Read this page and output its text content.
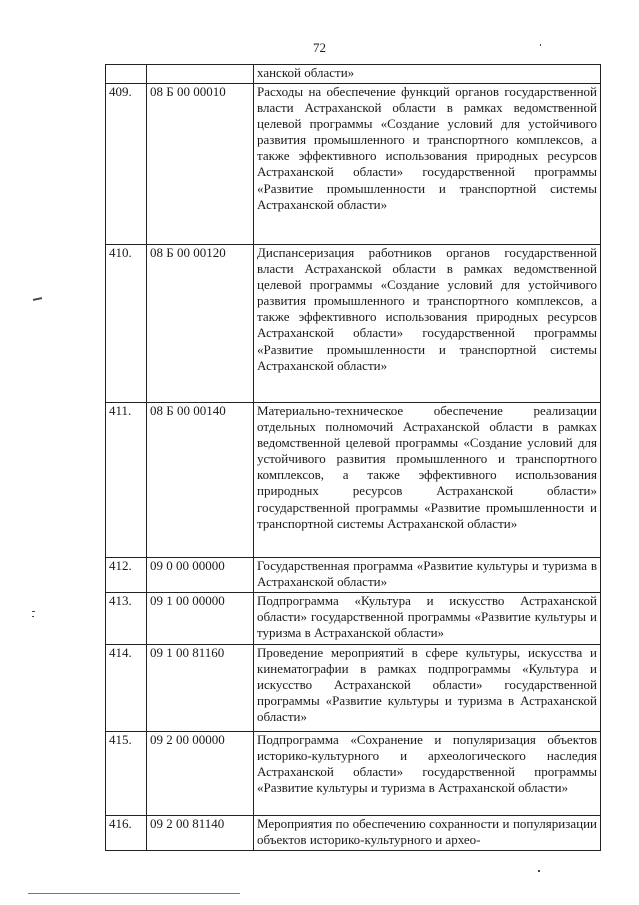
72
		ханской области»
409.	08 Б 00 00010	Расходы на обеспечение функций органов государственной власти Астраханской области в рамках ведомственной целевой программы «Создание условий для устойчивого развития промышленного и транспортного комплексов, а также эффективного использования природных ресурсов Астраханской области» государственной программы «Развитие промышленности и транспортной системы Астраханской области»
410.	08 Б 00 00120	Диспансеризация работников органов государственной власти Астраханской области в рамках ведомственной целевой программы «Создание условий для устойчивого развития промышленного и транспортного комплексов, а также эффективного использования природных ресурсов Астраханской области» государственной программы «Развитие промышленности и транспортной системы Астраханской области»
411.	08 Б 00 00140	Материально-техническое обеспечение реализации отдельных полномочий Астраханской области в рамках ведомственной целевой программы «Создание условий для устойчивого развития промышленного и транспортного комплексов, а также эффективного использования природных ресурсов Астраханской области» государственной программы «Развитие промышленности и транспортной системы Астраханской области»
412.	09 0 00 00000	Государственная программа «Развитие культуры и туризма в Астраханской области»
413.	09 1 00 00000	Подпрограмма «Культура и искусство Астраханской области» государственной программы «Развитие культуры и туризма в Астраханской области»
414.	09 1 00 81160	Проведение мероприятий в сфере культуры, искусства и кинематографии в рамках подпрограммы «Культура и искусство Астраханской области» государственной программы «Развитие культуры и туризма в Астраханской области»
415.	09 2 00 00000	Подпрограмма «Сохранение и популяризация объектов историко-культурного и археологического наследия Астраханской области» государственной программы «Развитие культуры и туризма в Астраханской области»
416.	09 2 00 81140	Мероприятия по обеспечению сохранности и популяризации объектов историко-культурного и архео-
